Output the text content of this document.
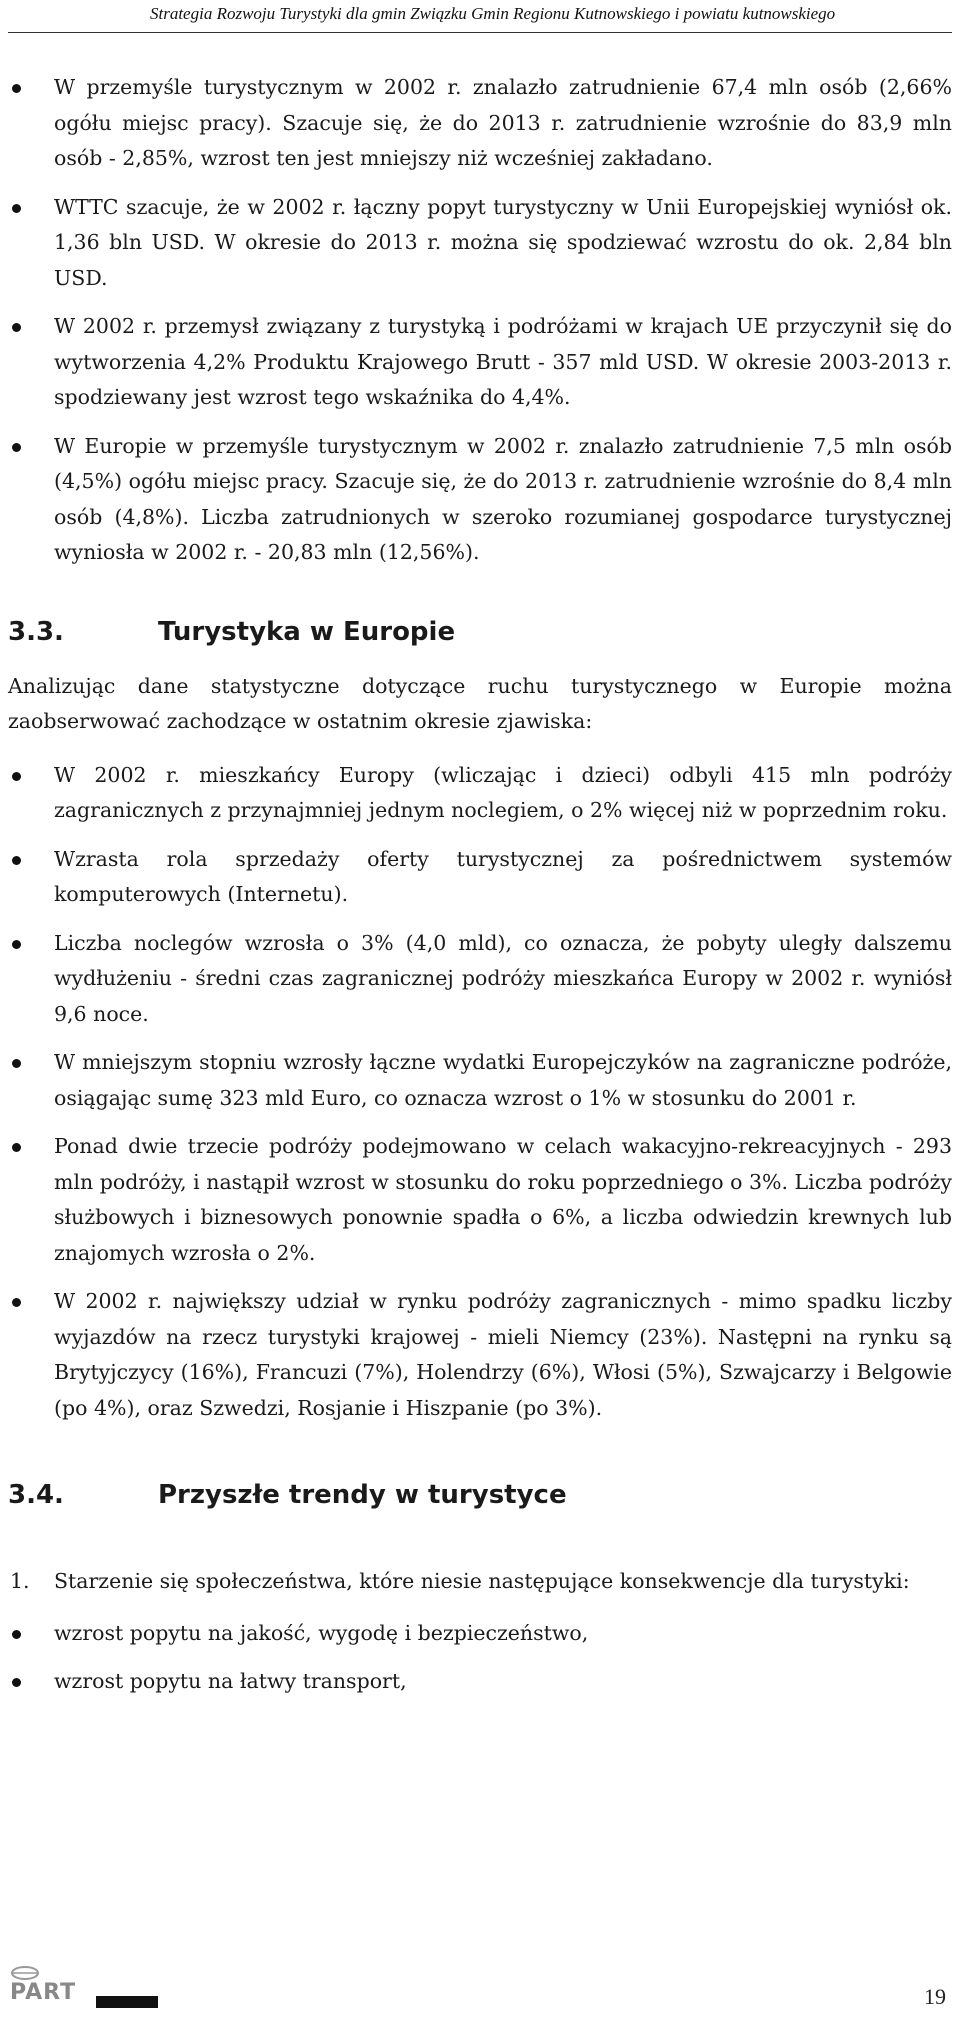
Strategia Rozwoju Turystyki dla gmin Związku Gmin Regionu Kutnowskiego i powiatu kutnowskiego
W przemyśle turystycznym w 2002 r. znalazło zatrudnienie 67,4 mln osób (2,66% ogółu miejsc pracy). Szacuje się, że do 2013 r. zatrudnienie wzrośnie do 83,9 mln osób - 2,85%, wzrost ten jest mniejszy niż wcześniej zakładano.
WTTC szacuje, że w 2002 r. łączny popyt turystyczny w Unii Europejskiej wyniósł ok. 1,36 bln USD. W okresie do 2013 r. można się spodziewać wzrostu do ok. 2,84 bln USD.
W 2002 r. przemysł związany z turystyką i podróżami w krajach UE przyczynił się do wytworzenia 4,2% Produktu Krajowego Brutt - 357 mld USD. W okresie 2003-2013 r. spodziewany jest wzrost tego wskaźnika do 4,4%.
W Europie w przemyśle turystycznym w 2002 r. znalazło zatrudnienie 7,5 mln osób (4,5%) ogółu miejsc pracy. Szacuje się, że do 2013 r. zatrudnienie wzrośnie do 8,4 mln osób (4,8%). Liczba zatrudnionych w szeroko rozumianej gospodarce turystycznej wyniosła w 2002 r. - 20,83 mln (12,56%).
3.3.	Turystyka w Europie

Analizując dane statystyczne dotyczące ruchu turystycznego w Europie można zaobserwować zachodzące w ostatnim okresie zjawiska:

W 2002 r. mieszkańcy Europy (wliczając i dzieci) odbyli 415 mln podróży zagranicznych z przynajmniej jednym noclegiem, o 2% więcej niż w poprzednim roku.
Wzrasta rola sprzedaży oferty turystycznej za pośrednictwem systemów komputerowych (Internetu).
Liczba noclegów wzrosła o 3% (4,0 mld), co oznacza, że pobyty uległy dalszemu wydłużeniu - średni czas zagranicznej podróży mieszkańca Europy w 2002 r. wyniósł 9,6 noce.
W mniejszym stopniu wzrosły łączne wydatki Europejczyków na zagraniczne podróże, osiągając sumę 323 mld Euro, co oznacza wzrost o 1% w stosunku do 2001 r.
Ponad dwie trzecie podróży podejmowano w celach wakacyjno-rekreacyjnych - 293 mln podróży, i nastąpił wzrost w stosunku do roku poprzedniego o 3%. Liczba podróży służbowych i biznesowych ponownie spadła o 6%, a liczba odwiedzin krewnych lub znajomych wzrosła o 2%.
W 2002 r. największy udział w rynku podróży zagranicznych - mimo spadku liczby wyjazdów na rzecz turystyki krajowej - mieli Niemcy (23%). Następni na rynku są Brytyjczycy (16%), Francuzi (7%), Holendrzy (6%), Włosi (5%), Szwajcarzy i Belgowie (po 4%), oraz Szwedzi, Rosjanie i Hiszpanie (po 3%).
3.4.	Przyszłe trendy w turystyce
1. Starzenie się społeczeństwa, które niesie następujące konsekwencje dla turystyki:
wzrost popytu na jakość, wygodę i bezpieczeństwo,
wzrost popytu na łatwy transport,
PART	19
